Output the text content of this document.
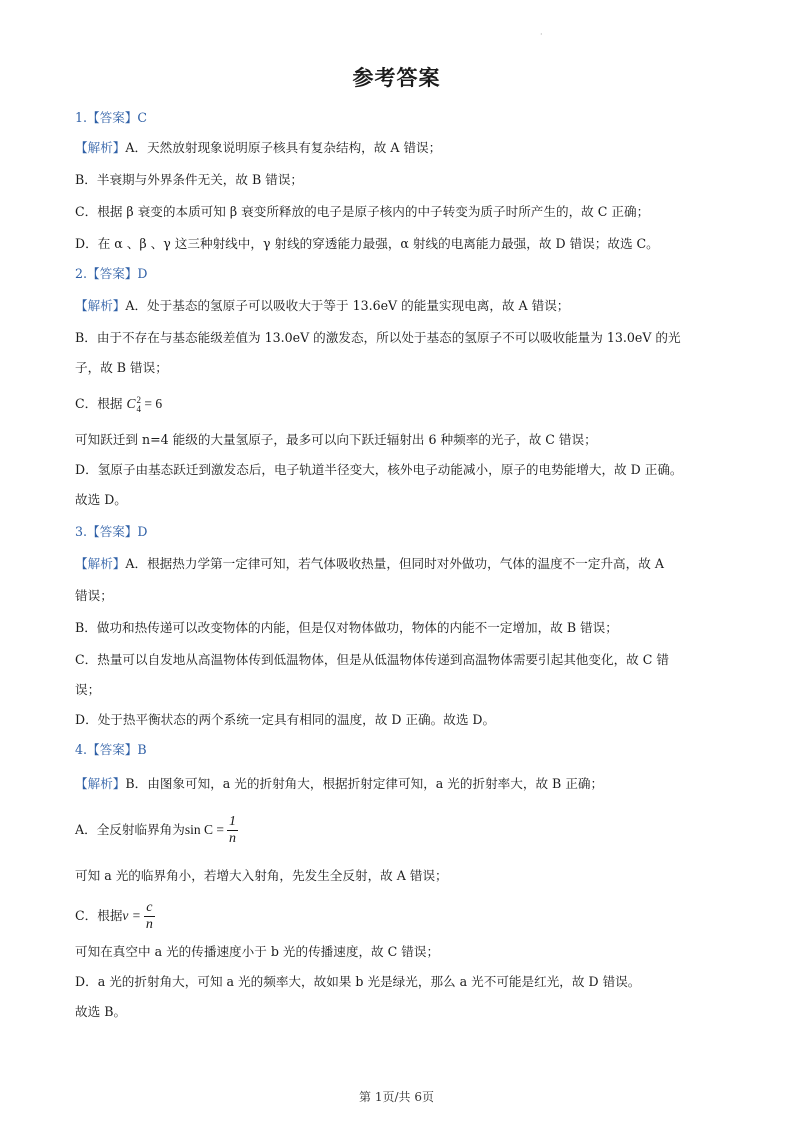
·
参考答案
1.【答案】C
【解析】A．天然放射现象说明原子核具有复杂结构，故 A 错误；
B．半衰期与外界条件无关，故 B 错误；
C．根据 β 衰变的本质可知 β 衰变所释放的电子是原子核内的中子转变为质子时所产生的，故 C 正确；
D．在 α 、β 、γ 这三种射线中，γ 射线的穿透能力最强，α 射线的电离能力最强，故 D 错误；故选 C。
2.【答案】D
【解析】A．处于基态的氢原子可以吸收大于等于 13.6eV 的能量实现电离，故 A 错误；
B．由于不存在与基态能级差值为 13.0eV 的激发态，所以处于基态的氢原子不可以吸收能量为 13.0eV 的光
子，故 B 错误；
C．根据 C 2
4 = 6
可知跃迁到 n=4 能级的大量氢原子，最多可以向下跃迁辐射出 6 种频率的光子，故 C 错误；
D．氢原子由基态跃迁到激发态后，电子轨道半径变大，核外电子动能减小，原子的电势能增大，故 D 正确。
故选 D。
3.【答案】D
【解析】A．根据热力学第一定律可知，若气体吸收热量，但同时对外做功，气体的温度不一定升高，故 A
错误；
B．做功和热传递可以改变物体的内能，但是仅对物体做功，物体的内能不一定增加，故 B 错误；
C．热量可以自发地从高温物体传到低温物体，但是从低温物体传递到高温物体需要引起其他变化，故 C 错
误；
D．处于热平衡状态的两个系统一定具有相同的温度，故 D 正确。故选 D。
4.【答案】B
【解析】B．由图象可知，a 光的折射角大，根据折射定律可知，a 光的折射率大，故 B 正确；
A．全反射临界角为$\sin C = \frac{1}{n}$
可知 a 光的临界角小，若增大入射角，先发生全反射，故 A 错误；
C．根据$v = \frac{c}{n}$
可知在真空中 a 光的传播速度小于 b 光的传播速度，故 C 错误；
D．a 光的折射角大，可知 a 光的频率大，故如果 b 光是绿光，那么 a 光不可能是红光，故 D 错误。
故选 B。
第 1页/共 6页
